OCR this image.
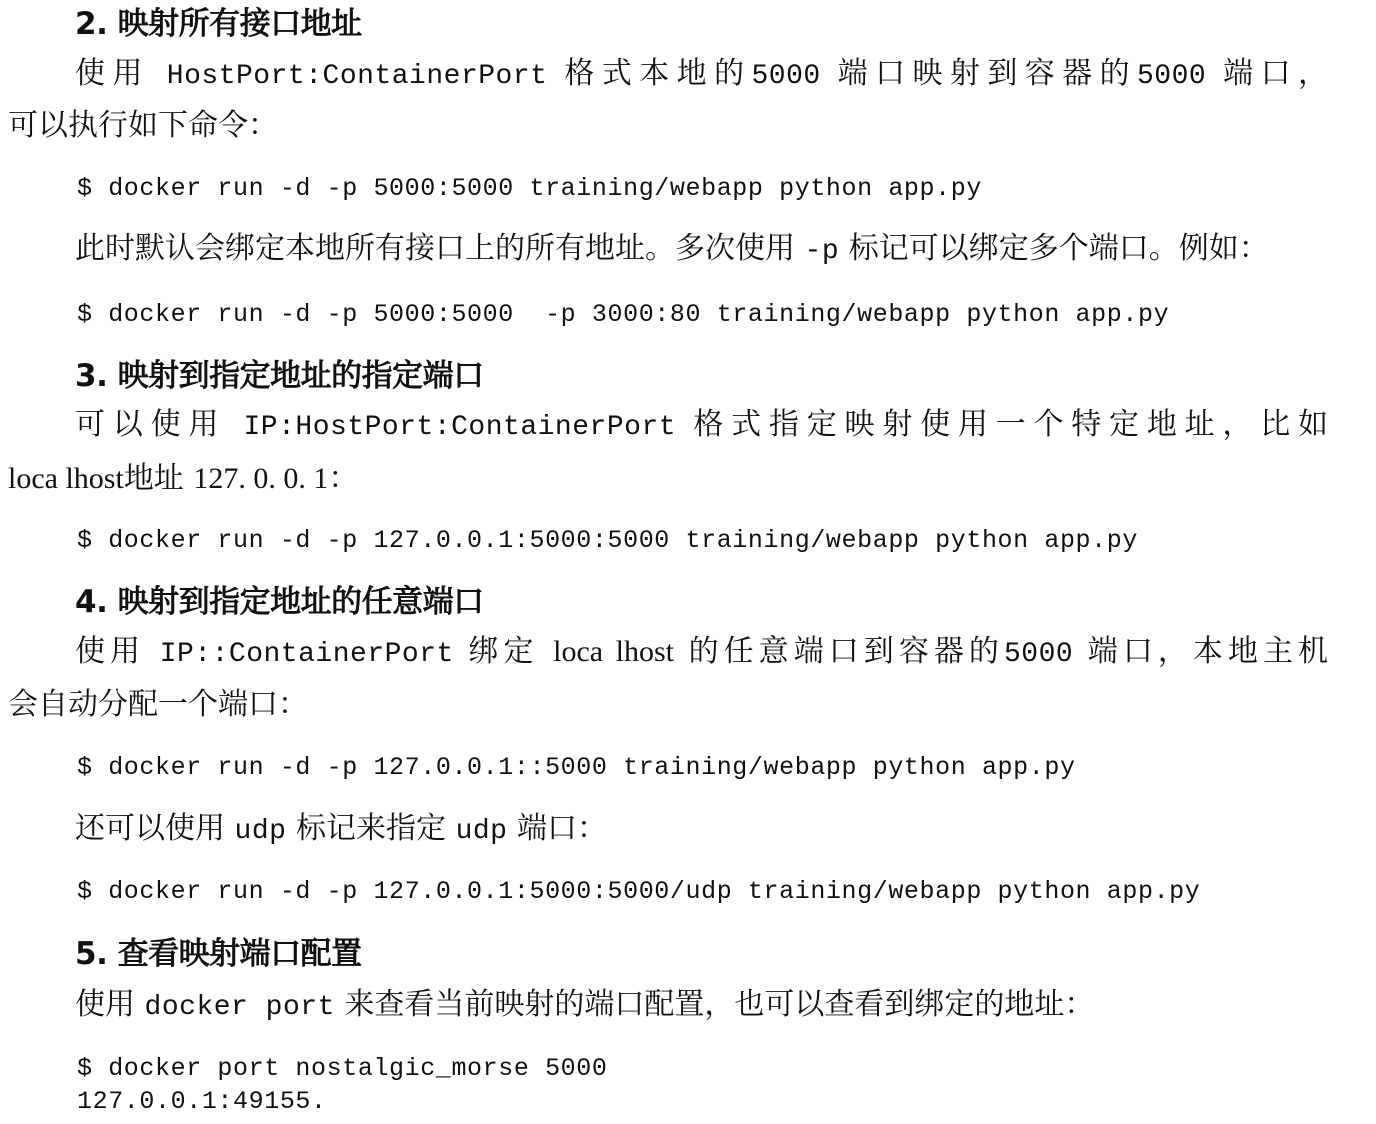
2. 映射所有接口地址
使用 HostPort:ContainerPort 格式本地的5000 端口映射到容器的5000 端口，
可以执行如下命令：
$ docker run -d -p 5000:5000 training/webapp python app.py
此时默认会绑定本地所有接口上的所有地址。多次使用 -p 标记可以绑定多个端口。例如：
$ docker run -d -p 5000:5000  -p 3000:80 training/webapp python app.py
3. 映射到指定地址的指定端口
可以使用 IP:HostPort:ContainerPort 格式指定映射使用一个特定地址，比如
loca lhost地址 127. 0. 0. 1：
$ docker run -d -p 127.0.0.1:5000:5000 training/webapp python app.py
4. 映射到指定地址的任意端口
使用 IP::ContainerPort 绑定 loca lhost 的任意端口到容器的5000 端口，本地主机
会自动分配一个端口：
$ docker run -d -p 127.0.0.1::5000 training/webapp python app.py
还可以使用 udp 标记来指定 udp 端口：
$ docker run -d -p 127.0.0.1:5000:5000/udp training/webapp python app.py
5. 查看映射端口配置
使用 docker port 来查看当前映射的端口配置，也可以查看到绑定的地址：
$ docker port nostalgic_morse 5000
127.0.0.1:49155.
